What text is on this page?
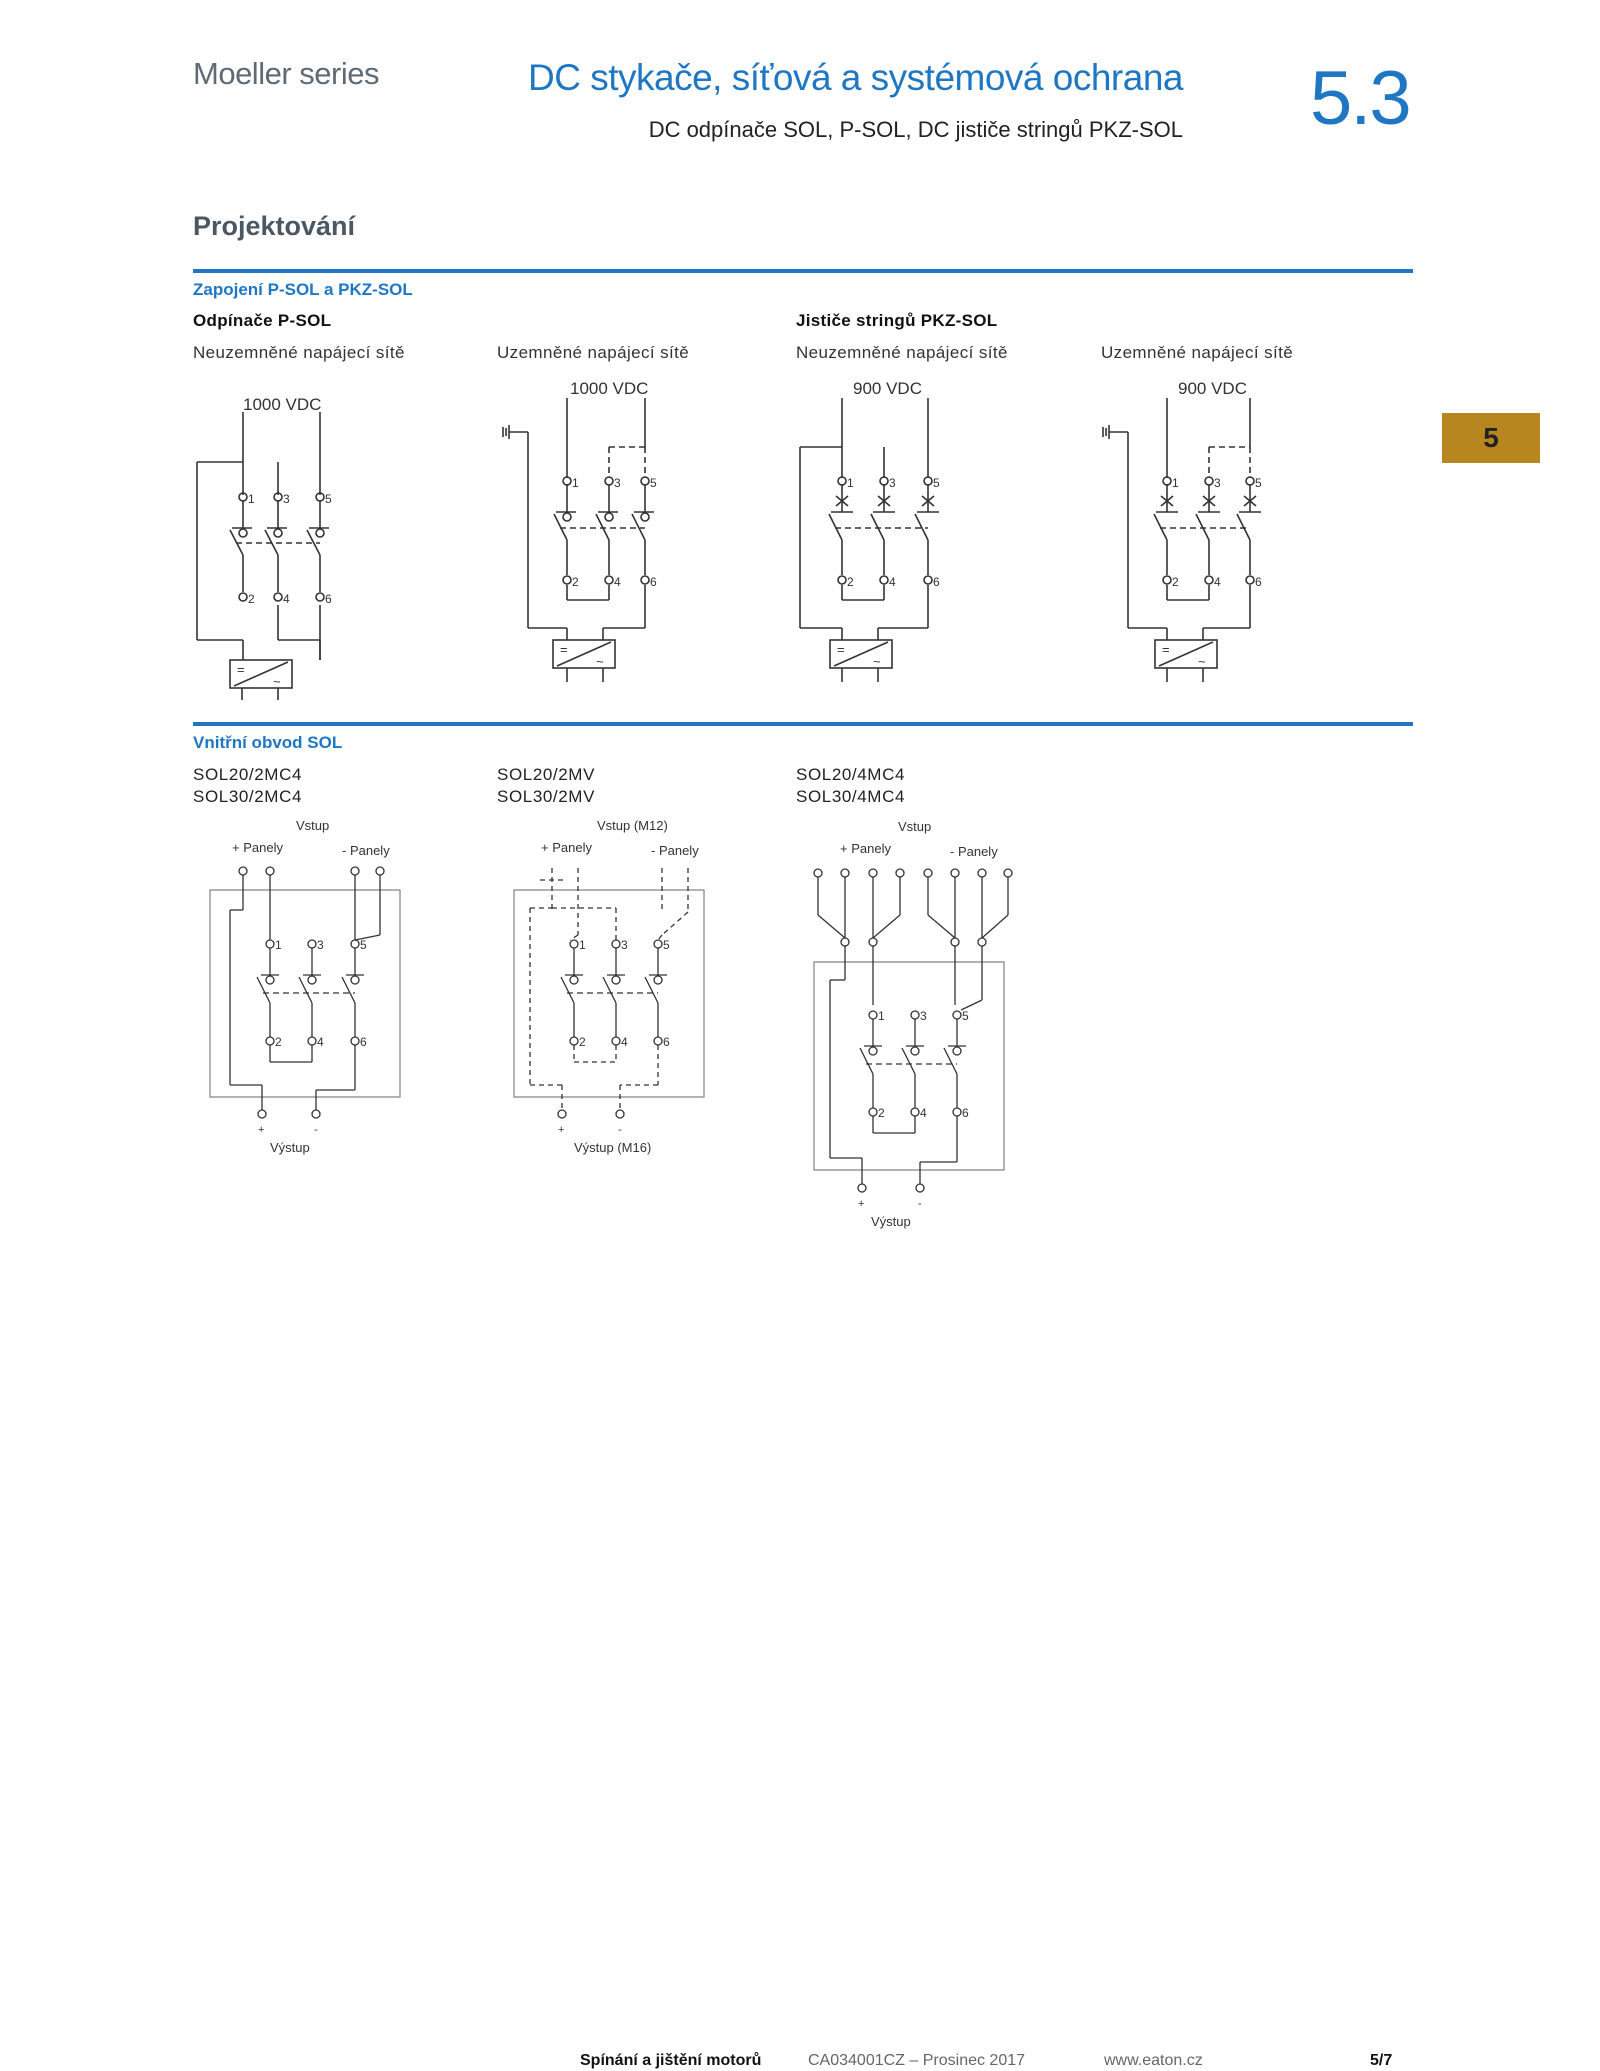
Moeller series	DC stykače, síťová a systémová ochrana
DC odpínače SOL, P-SOL, DC jističe stringů PKZ-SOL 5.3
Projektování
5
Zapojení P-SOL a PKZ-SOL
Odpínače P-SOL	Jističe stringů PKZ-SOL
Neuzemněné napájecí sítě	Uzemněné napájecí sítě	Neuzemněné napájecí sítě	Uzemněné napájecí sítě
=
~
1000 VDC
1 3	5
2 4	6
1000 VDC
1	3 5
2	4 6
900 VDC
1	3	5
2	4	6
900 VDC
1	3	5
2	4	6
Vstup
+ Panely	- Panely
1	3	5
2	4	6
+	-
Výstup
Vstup (M12)
+ Panely	- Panely
1	3	5
2	4	6
+	-
Výstup (M16)
Vstup
+ Panely	- Panely
1	3	5
2	4	6
+	-
Výstup
Vnitřní obvod SOL
SOL20/2MC4
SOL30/2MC4
SOL20/2MV
SOL30/2MV
SOL20/4MC4
SOL30/4MC4
Spínání a jištění motorů	CA034001CZ – Prosinec 2017	www.eaton.cz	5/7
